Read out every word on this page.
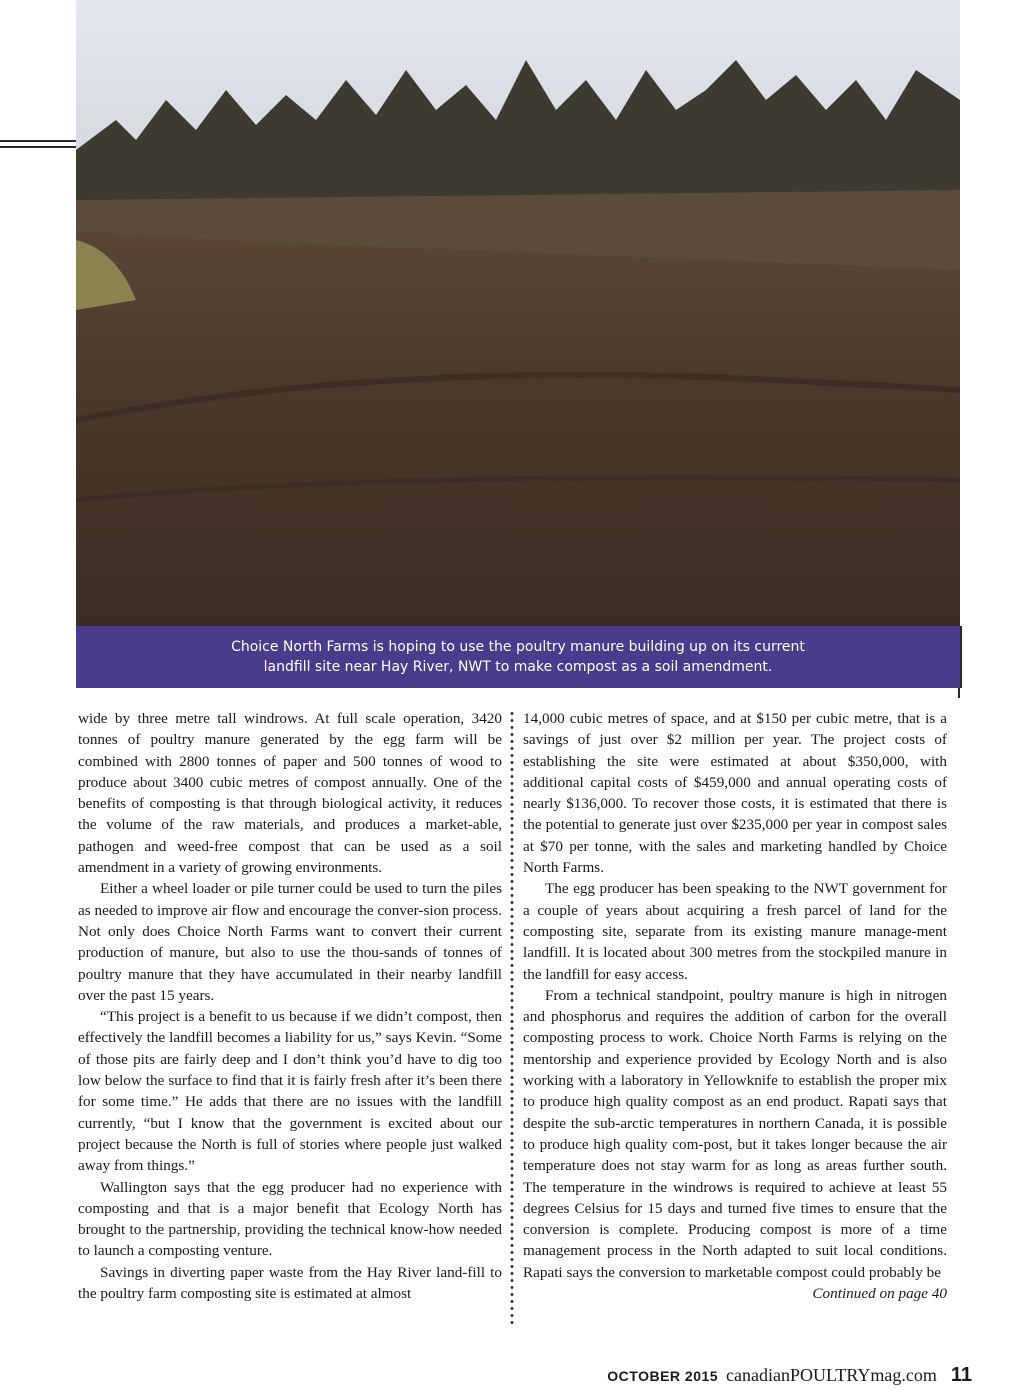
Choice North Farms is hoping to use the poultry manure building up on its current
landfill site near Hay River, NWT to make compost as a soil amendment.

wide by three metre tall windrows. At full scale operation, 3420 tonnes of poultry manure generated by the egg farm will be combined with 2800 tonnes of paper and 500 tonnes of wood to produce about 3400 cubic metres of compost annually. One of the benefits of composting is that through biological activity, it reduces the volume of the raw materials, and produces a market-able, pathogen and weed-free compost that can be used as a soil amendment in a variety of growing environments.

Either a wheel loader or pile turner could be used to turn the piles as needed to improve air flow and encourage the conver-sion process. Not only does Choice North Farms want to convert their current production of manure, but also to use the thou-sands of tonnes of poultry manure that they have accumulated in their nearby landfill over the past 15 years.

“This project is a benefit to us because if we didn’t compost, then effectively the landfill becomes a liability for us,” says Kevin. “Some of those pits are fairly deep and I don’t think you’d have to dig too low below the surface to find that it is fairly fresh after it’s been there for some time.” He adds that there are no issues with the landfill currently, “but I know that the government is excited about our project because the North is full of stories where people just walked away from things.”

Wallington says that the egg producer had no experience with composting and that is a major benefit that Ecology North has brought to the partnership, providing the technical know-how needed to launch a composting venture.

Savings in diverting paper waste from the Hay River land-fill to the poultry farm composting site is estimated at almost

14,000 cubic metres of space, and at $150 per cubic metre, that is a savings of just over $2 million per year. The project costs of establishing the site were estimated at about $350,000, with additional capital costs of $459,000 and annual operating costs of nearly $136,000. To recover those costs, it is estimated that there is the potential to generate just over $235,000 per year in compost sales at $70 per tonne, with the sales and marketing handled by Choice North Farms.

The egg producer has been speaking to the NWT government for a couple of years about acquiring a fresh parcel of land for the composting site, separate from its existing manure manage-ment landfill. It is located about 300 metres from the stockpiled manure in the landfill for easy access.

From a technical standpoint, poultry manure is high in nitrogen and phosphorus and requires the addition of carbon for the overall composting process to work. Choice North Farms is relying on the mentorship and experience provided by Ecology North and is also working with a laboratory in Yellowknife to establish the proper mix to produce high quality compost as an end product. Rapati says that despite the sub-arctic temperatures in northern Canada, it is possible to produce high quality com-post, but it takes longer because the air temperature does not stay warm for as long as areas further south. The temperature in the windrows is required to achieve at least 55 degrees Celsius for 15 days and turned five times to ensure that the conversion is complete. Producing compost is more of a time management process in the North adapted to suit local conditions. Rapati says the conversion to marketable compost could probably be

Continued on page 40
OCTOBER 2015 canadianPOULTRYmag.com 11
